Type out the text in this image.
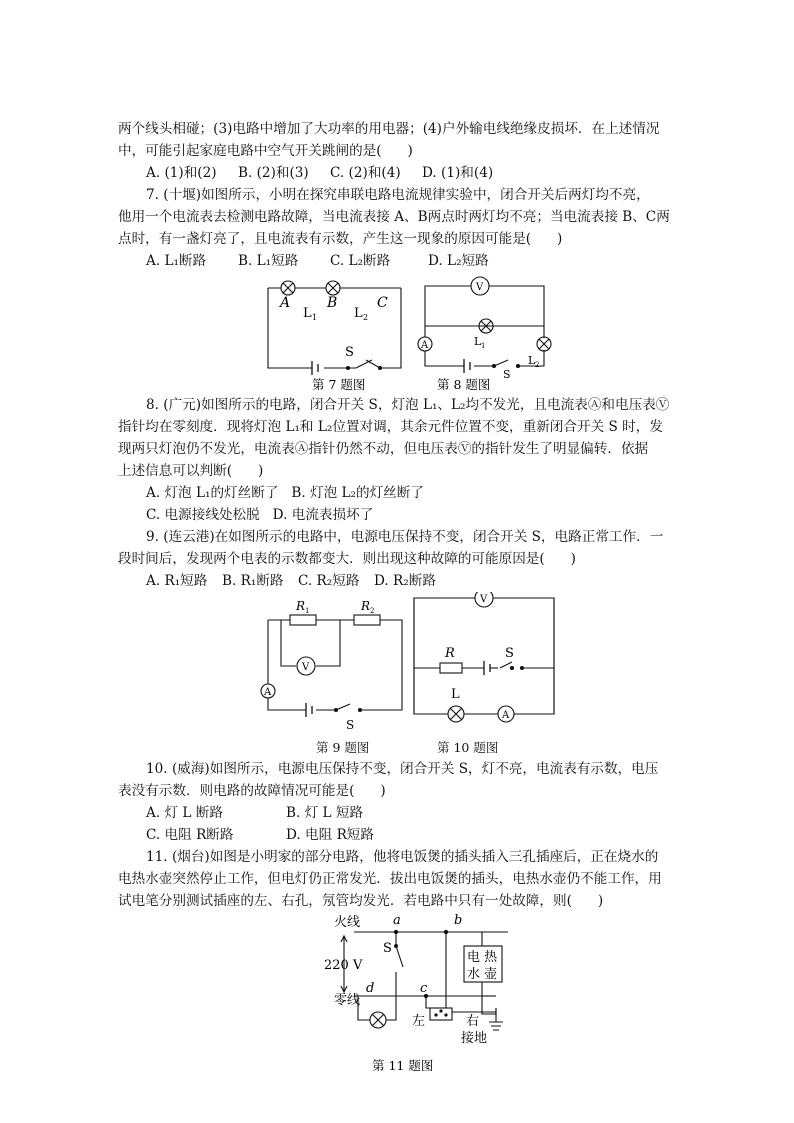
两个线头相碰；(3)电路中增加了大功率的用电器；(4)户外输电线绝缘皮损坏．在上述情况

中，可能引起家庭电路中空气开关跳闸的是(      )

A. (1)和(2)	B. (2)和(3)	C. (2)和(4)	D. (1)和(4)

7. (十堰)如图所示，小明在探究串联电路电流规律实验中，闭合开关后两灯均不亮，

他用一个电流表去检测电路故障，当电流表接 A、B两点时两灯均不亮；当电流表接 B、C两

点时，有一盏灯亮了，且电流表有示数，产生这一现象的原因可能是(      )

A. L₁断路	B. L₁短路	C. L₂断路	D. L₂短路
A	B	C
L 1	L 2
S
第 7 题图
V
A	L 1
L 2
S
第 8 题图

8. (广元)如图所示的电路，闭合开关 S，灯泡 L₁、L₂均不发光，且电流表Ⓐ和电压表Ⓥ

指针均在零刻度．现将灯泡 L₁和 L₂位置对调，其余元件位置不变，重新闭合开关 S 时，发

现两只灯泡仍不发光，电流表Ⓐ指针仍然不动，但电压表Ⓥ的指针发生了明显偏转．依据

上述信息可以判断(      )

A. 灯泡 L₁的灯丝断了   B. 灯泡 L₂的灯丝断了

C. 电源接线处松脱   D. 电流表损坏了

9. (连云港)在如图所示的电路中，电源电压保持不变，闭合开关 S，电路正常工作．一

段时间后，发现两个电表的示数都变大．则出现这种故障的可能原因是(      )

A. R₁短路	B. R₁断路	C. R₂短路	D. R₂断路
R 1	R 2
V
A
S
V
R	S
L
A
第 9 题图	第 10 题图

10. (威海)如图所示，电源电压保持不变，闭合开关 S，灯不亮，电流表有示数，电压

表没有示数．则电路的故障情况可能是(      )

A. 灯 L 断路	B. 灯 L 短路
C. 电阻 R断路	D. 电阻 R短路

11. (烟台)如图是小明家的部分电路，他将电饭煲的插头插入三孔插座后，正在烧水的

电热水壶突然停止工作，但电灯仍正常发光．拔出电饭煲的插头，电热水壶仍不能工作，用

试电笔分别测试插座的左、右孔，氖管均发光．若电路中只有一处故障，则(      )

火线
零线
220 V
a	b
c
d
S
电 热
水 壶
左	右
接地
第 11 题图
